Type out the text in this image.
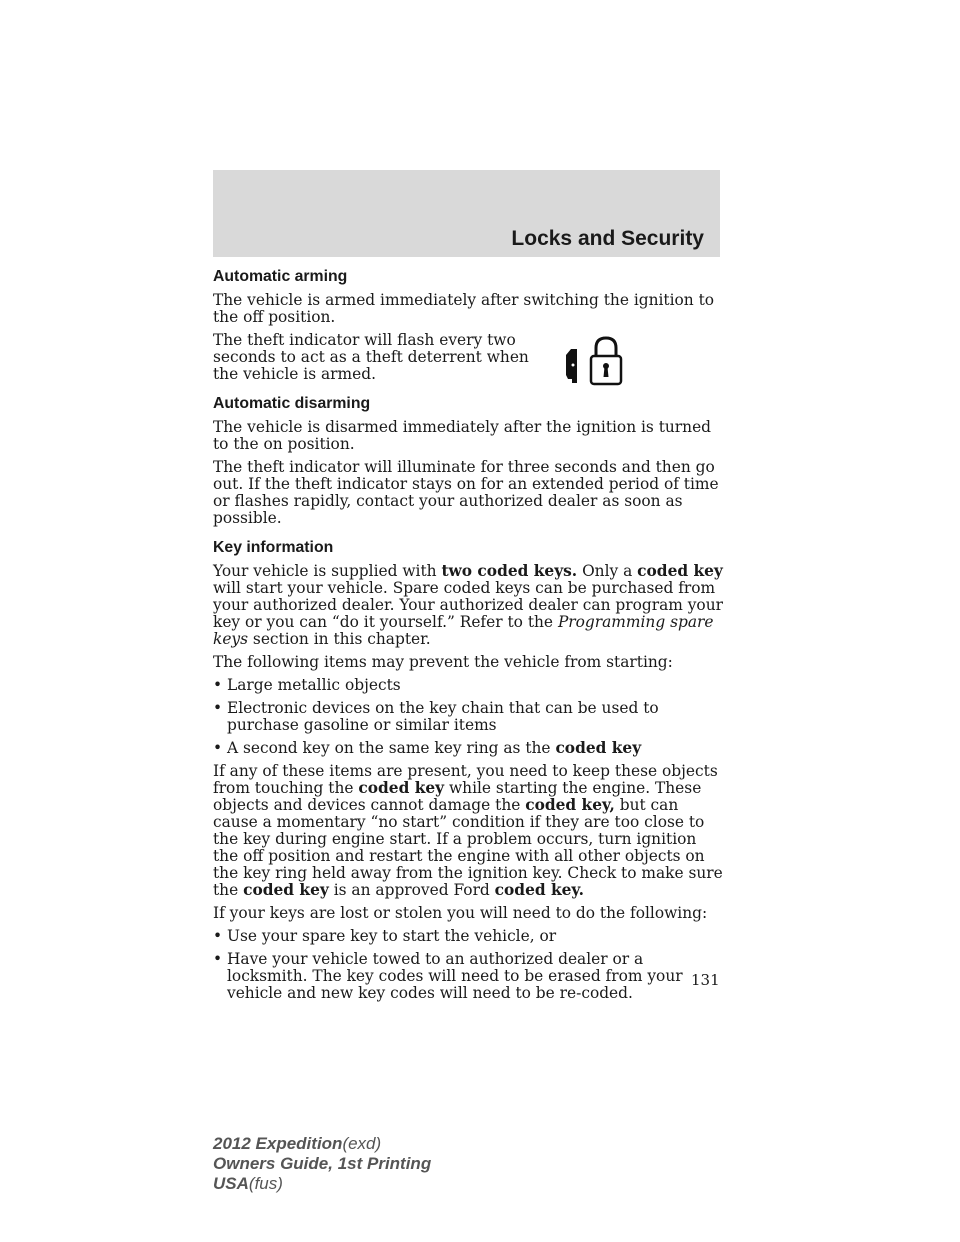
Locks and Security
Automatic arming

The vehicle is armed immediately after switching the ignition to the off position.

The theft indicator will flash every two seconds to act as a theft deterrent when the vehicle is armed.

Automatic disarming

The vehicle is disarmed immediately after the ignition is turned to the on position.

The theft indicator will illuminate for three seconds and then go out. If the theft indicator stays on for an extended period of time or flashes rapidly, contact your authorized dealer as soon as possible.

Key information

Your vehicle is supplied with two coded keys. Only a coded key will start your vehicle. Spare coded keys can be purchased from your authorized dealer. Your authorized dealer can program your key or you can “do it yourself.” Refer to the Programming spare keys section in this chapter.

The following items may prevent the vehicle from starting:

• Large metallic objects
• Electronic devices on the key chain that can be used to purchase gasoline or similar items
• A second key on the same key ring as the coded key

If any of these items are present, you need to keep these objects from touching the coded key while starting the engine. These objects and devices cannot damage the coded key, but can cause a momentary “no start” condition if they are too close to the key during engine start. If a problem occurs, turn ignition the off position and restart the engine with all other objects on the key ring held away from the ignition key. Check to make sure the coded key is an approved Ford coded key.

If your keys are lost or stolen you will need to do the following:

• Use your spare key to start the vehicle, or
• Have your vehicle towed to an authorized dealer or a locksmith. The key codes will need to be erased from your vehicle and new key codes will need to be re-coded.
131
2012 Expedition(exd)
Owners Guide, 1st Printing
USA(fus)
